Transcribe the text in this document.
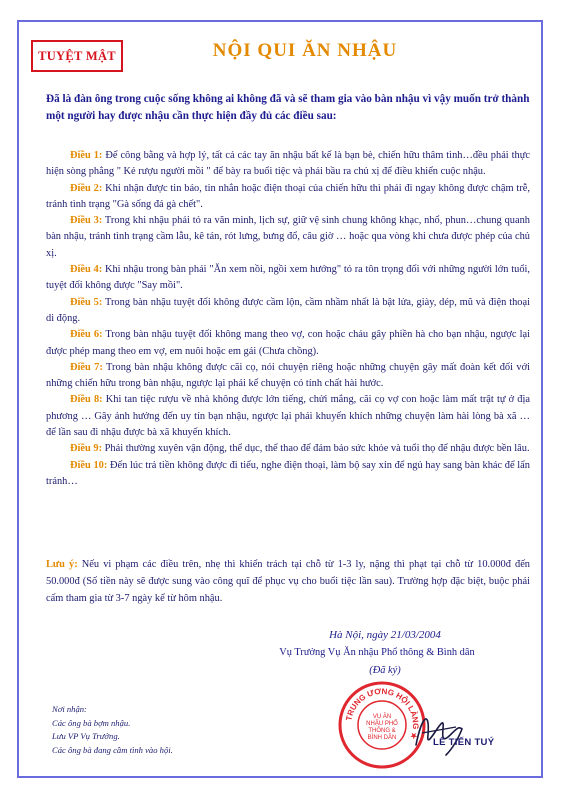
TUYỆT MẬT	NỘI QUI ĂN NHẬU
Đã là đàn ông trong cuộc sống không ai không đã và sẽ tham gia vào bàn nhậu vì vậy muốn trở thành một người hay được nhậu cần thực hiện đầy đủ các điều sau:

Điều 1: Để công bằng và hợp lý, tất cả các tay ăn nhậu bất kể là bạn bè, chiến hữu thâm tình…đều phải thực hiện sòng phẳng " Kẻ rượu người mồi " để bày ra buổi tiệc và phải bầu ra chủ xị để điều khiển cuộc nhậu.

Điều 2: Khi nhận được tin báo, tin nhắn hoặc điện thoại của chiến hữu thì phải đi ngay không được chậm trễ, tránh tình trạng "Gà sống đá gà chết".

Điều 3: Trong khi nhậu phải tỏ ra văn minh, lịch sự, giữ vệ sinh chung không khạc, nhổ, phun…chung quanh bàn nhậu, tránh tình trạng cầm lẫu, kê tán, rót lưng, bưng đổ, câu giờ … hoặc qua vòng khi chưa được phép của chủ xị.

Điều 4: Khi nhậu trong bàn phải "Ăn xem nồi, ngồi xem hướng" tỏ ra tôn trọng đối với những người lớn tuổi, tuyệt đối không được "Say mồi".

Điều 5: Trong bàn nhậu tuyệt đối không được cầm lộn, cầm nhầm nhất là bật lửa, giày, dép, mũ và điện thoại di động.

Điều 6: Trong bàn nhậu tuyệt đối không mang theo vợ, con hoặc cháu gây phiền hà cho bạn nhậu, ngược lại được phép mang theo em vợ, em nuôi hoặc em gái (Chưa chồng).

Điều 7: Trong bàn nhậu không được cãi cọ, nói chuyện riêng hoặc những chuyện gây mất đoàn kết đối với những chiến hữu trong bàn nhậu, ngược lại phải kể chuyện có tính chất hài hước.

Điều 8: Khi tan tiệc rượu về nhà không được lớn tiếng, chửi mắng, cãi cọ vợ con hoặc làm mất trật tự ở địa phương … Gây ảnh hưởng đến uy tín bạn nhậu, ngược lại phải khuyến khích những chuyện làm hài lòng bà xã … để lần sau đi nhậu được bà xã khuyến khích.

Điều 9: Phải thường xuyên vận động, thể dục, thể thao để đảm bảo sức khỏe và tuổi thọ để nhậu được bền lâu.

Điều 10: Đến lúc trả tiền không được đi tiểu, nghe điện thoại, làm bộ say xỉn để ngủ hay sang bàn khác để lẩn tránh…

Lưu ý: Nếu vi phạm các điều trên, nhẹ thì khiển trách tại chỗ từ 1-3 ly, nặng thì phạt tại chỗ từ 10.000đ đến 50.000đ (Số tiền này sẽ được sung vào công quĩ để phục vụ cho buổi tiệc lần sau). Trường hợp đặc biệt, buộc phải cấm tham gia từ 3-7 ngày kể từ hôm nhậu.
Hà Nội, ngày 21/03/2004
Vụ Trưởng Vụ Ăn nhậu Phổ thông & Bình dân
(Đã ký)
TRUNG ƯƠNG HỘI LÀNG ★
VỤ ĂN
NHẬU PHỔ
THÔNG &
BÌNH DÂN	LÊ TIẾN TUÝ
Nơi nhận:
Các ông bà bợm nhậu.
Lưu VP Vụ Trưởng.
Các ông bà đang cầm tình vào hội.
